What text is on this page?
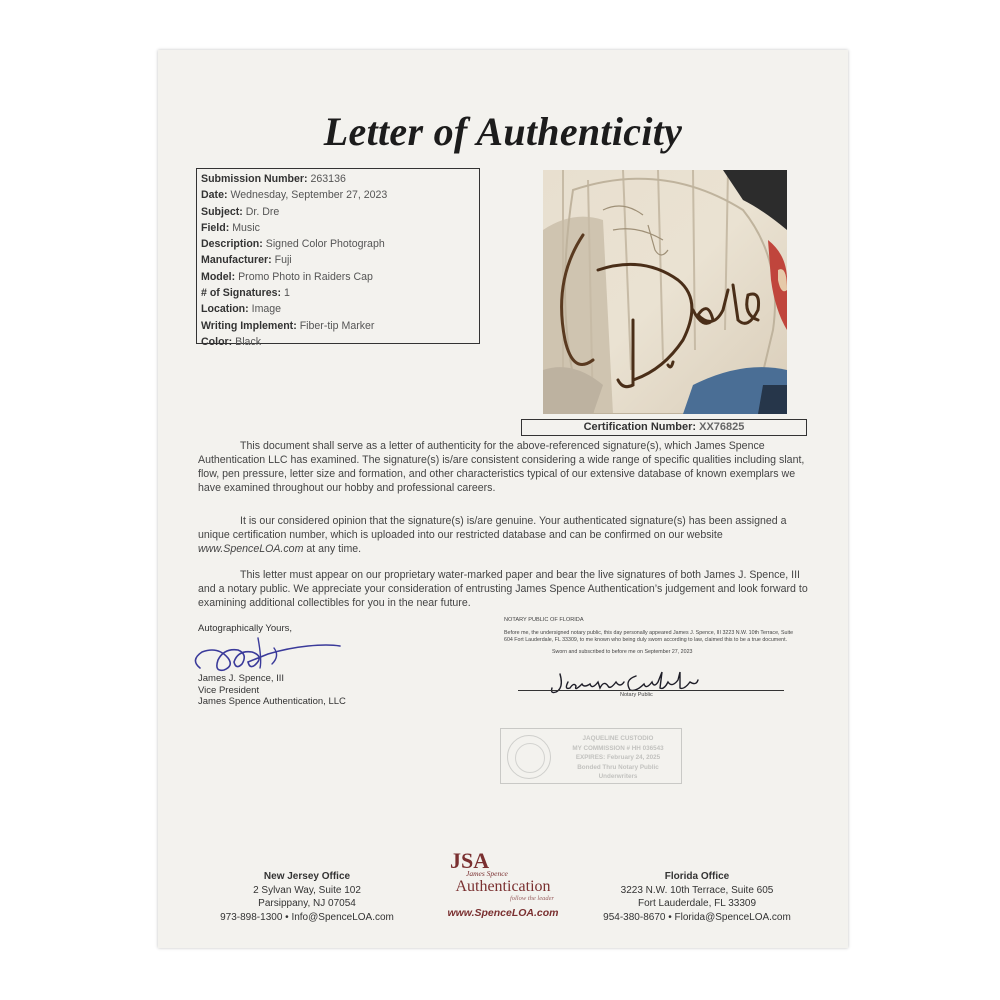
Letter of Authenticity
Submission Number: 263136
Date: Wednesday, September 27, 2023
Subject: Dr. Dre
Field: Music
Description: Signed Color Photograph
Manufacturer: Fuji
Model: Promo Photo in Raiders Cap
# of Signatures: 1
Location: Image
Writing Implement: Fiber-tip Marker
Color: Black
Certification Number: XX76825
This document shall serve as a letter of authenticity for the above-referenced signature(s), which James Spence Authentication LLC has examined. The signature(s) is/are consistent considering a wide range of specific qualities including slant, flow, pen pressure, letter size and formation, and other characteristics typical of our extensive database of known exemplars we have examined throughout our hobby and professional careers.
It is our considered opinion that the signature(s) is/are genuine. Your authenticated signature(s) has been assigned a unique certification number, which is uploaded into our restricted database and can be confirmed on our website www.SpenceLOA.com at any time.
This letter must appear on our proprietary water-marked paper and bear the live signatures of both James J. Spence, III and a notary public. We appreciate your consideration of entrusting James Spence Authentication’s judgement and look forward to examining additional collectibles for you in the near future.
Autographically Yours,
James J. Spence, III
Vice President
James Spence Authentication, LLC
NOTARY PUBLIC OF FLORIDA
Before me, the undersigned notary public, this day personally appeared James J. Spence, III 3223 N.W. 10th Terrace, Suite 604 Fort Lauderdale, FL 33309, to me known who being duly sworn according to law, claimed this to be a true document.
Sworn and subscribed to before me on September 27, 2023
Notary Public
JAQUELINE CUSTODIO
MY COMMISSION # HH 036543
EXPIRES: February 24, 2025
Bonded Thru Notary Public Underwriters
New Jersey Office
2 Sylvan Way, Suite 102
Parsippany, NJ 07054
973-898-1300 • Info@SpenceLOA.com
JSA
James Spence
Authentication
follow the leader
www.SpenceLOA.com
Florida Office
3223 N.W. 10th Terrace, Suite 605
Fort Lauderdale, FL 33309
954-380-8670 • Florida@SpenceLOA.com
